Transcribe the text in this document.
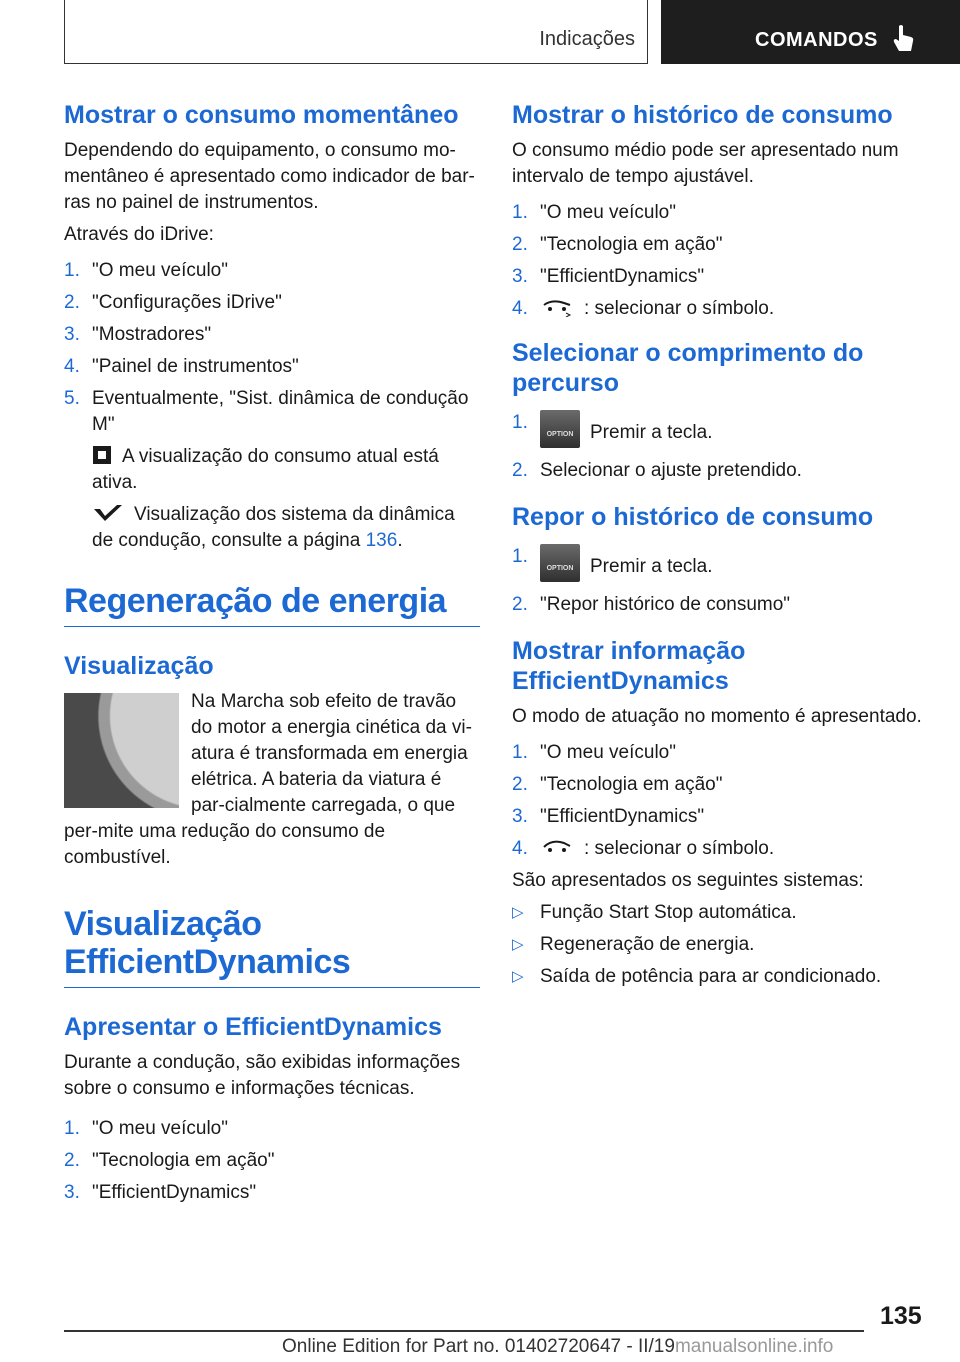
Indicações	COMANDOS
Mostrar o consumo momentâneo

Dependendo do equipamento, o consumo mo-mentâneo é apresentado como indicador de bar-ras no painel de instrumentos.

Através do iDrive:

1. "O meu veículo"
2. "Configurações iDrive"
3. "Mostradores"
4. "Painel de instrumentos"
5. Eventualmente, "Sist. dinâmica de condução M"
A visualização do consumo atual está ativa.
Visualização dos sistema da dinâmica de condução, consulte a página 136.
Regeneração de energia
Visualização

Na Marcha sob efeito de travão do motor a energia cinética da vi-atura é transformada em energia elétrica. A bateria da viatura é par-cialmente carregada, o que per-mite uma redução do consumo de combustível.

Visualização EfficientDynamics
Apresentar o EfficientDynamics

Durante a condução, são exibidas informações sobre o consumo e informações técnicas.

1. "O meu veículo"
2. "Tecnologia em ação"
3. "EfficientDynamics"
Mostrar o histórico de consumo

O consumo médio pode ser apresentado num intervalo de tempo ajustável.

1. "O meu veículo"
2. "Tecnologia em ação"
3. "EfficientDynamics"
4.	: selecionar o símbolo.
Selecionar o comprimento do percurso
1.
OPTION Premir a tecla.
2. Selecionar o ajuste pretendido.
Repor o histórico de consumo
1.
OPTION Premir a tecla.
2. "Repor histórico de consumo"
Mostrar informação EfficientDynamics

O modo de atuação no momento é apresentado.

1. "O meu veículo"
2. "Tecnologia em ação"
3. "EfficientDynamics"
4.	: selecionar o símbolo.

São apresentados os seguintes sistemas:

▷ Função Start Stop automática.
▷ Regeneração de energia.
▷ Saída de potência para ar condicionado.
135
Online Edition for Part no. 01402720647 - II/19manualsonline.info
